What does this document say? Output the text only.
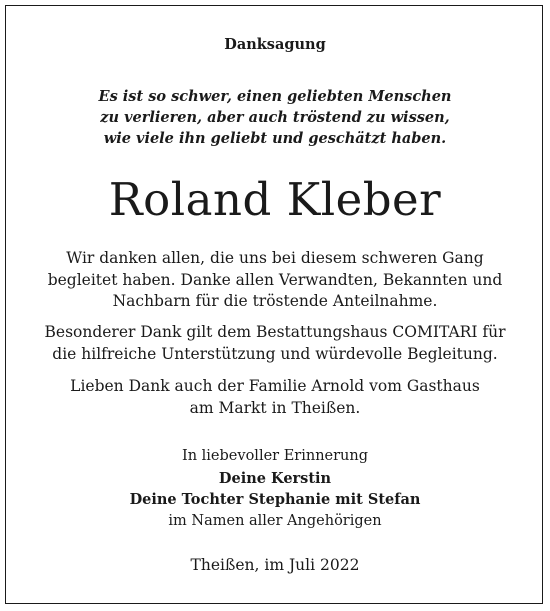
Danksagung
Es ist so schwer, einen geliebten Menschen
zu verlieren, aber auch tröstend zu wissen,
wie viele ihn geliebt und geschätzt haben.
Roland Kleber
Wir danken allen, die uns bei diesem schweren Gang
begleitet haben. Danke allen Verwandten, Bekannten und
Nachbarn für die tröstende Anteilnahme.
Besonderer Dank gilt dem Bestattungshaus COMITARI für
die hilfreiche Unterstützung und würdevolle Begleitung.
Lieben Dank auch der Familie Arnold vom Gasthaus
am Markt in Theißen.
In liebevoller Erinnerung
Deine Kerstin
Deine Tochter Stephanie mit Stefan
im Namen aller Angehörigen
Theißen, im Juli 2022
